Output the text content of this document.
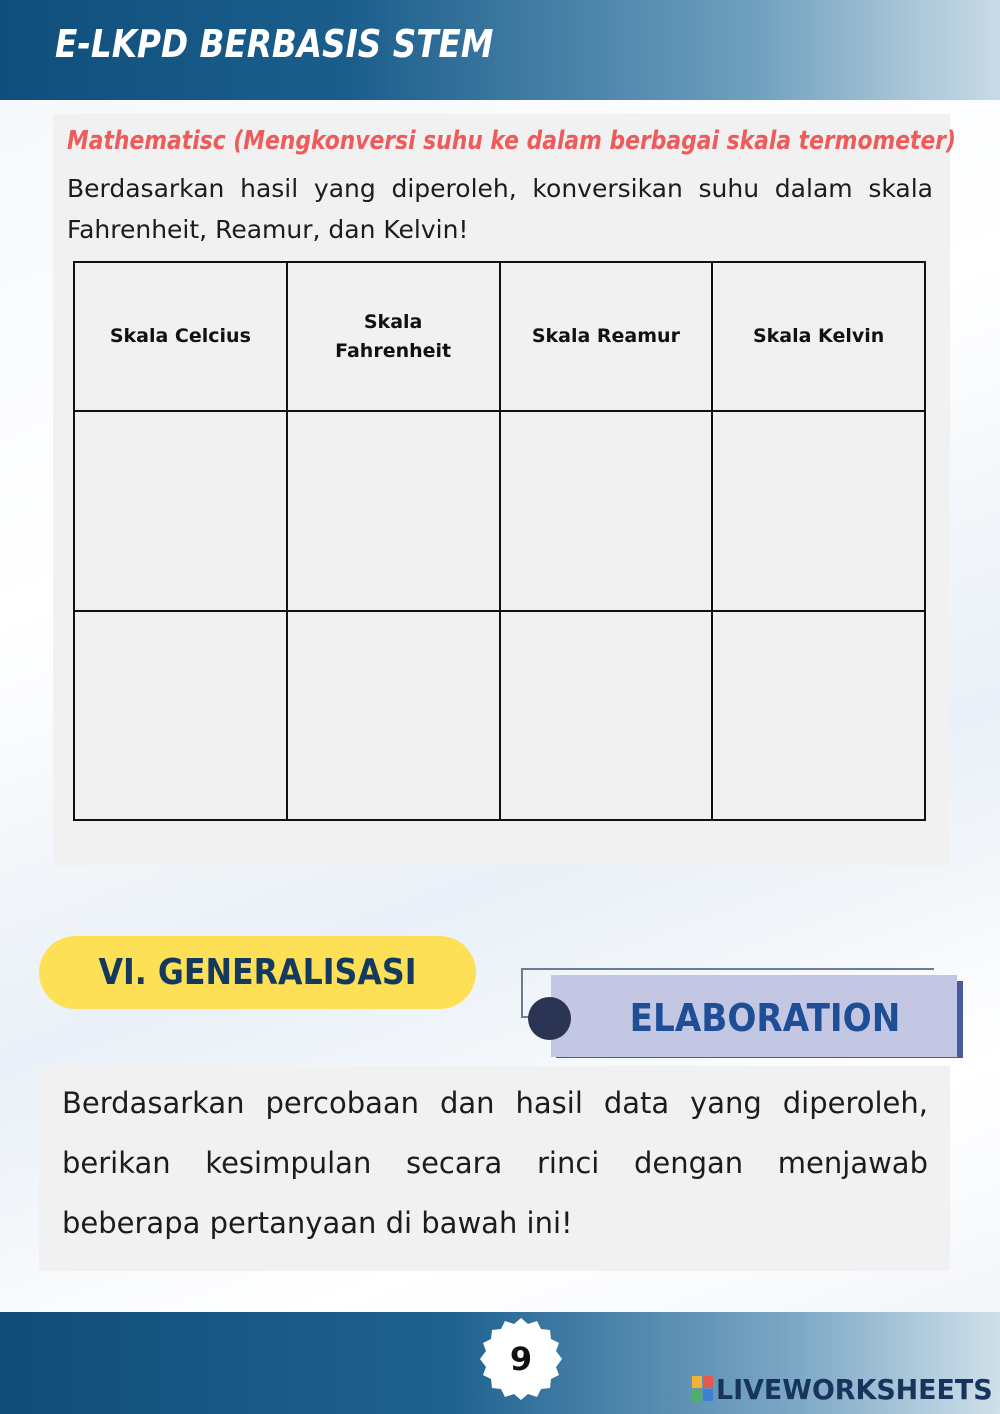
E-LKPD BERBASIS STEM
Mathematisc (Mengkonversi suhu ke dalam berbagai skala termometer)
Berdasarkan hasil yang diperoleh, konversikan suhu dalam skala Fahrenheit, Reamur, dan Kelvin!
Skala Celcius	Skala Fahrenheit	Skala Reamur	Skala Kelvin

VI. GENERALISASI
ELABORATION
Berdasarkan percobaan dan hasil data yang diperoleh, berikan kesimpulan secara rinci dengan menjawab beberapa pertanyaan di bawah ini!
9
LIVEWORKSHEETS
